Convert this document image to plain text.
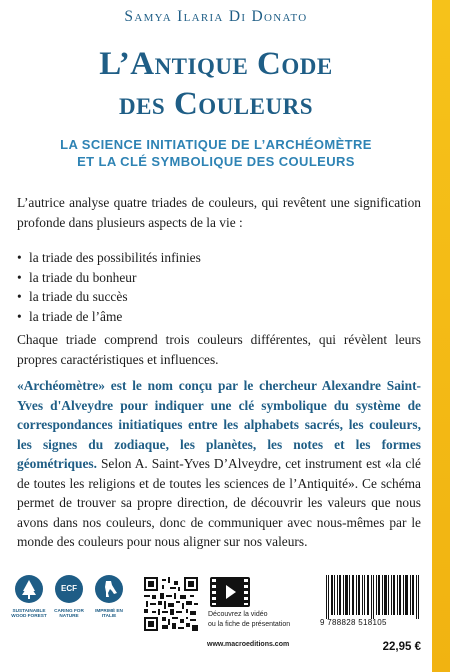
Samya Ilaria Di Donato
L’Antique Code
des Couleurs
LA SCIENCE INITIATIQUE DE L’ARCHÉOMÈTRE
ET LA CLÉ SYMBOLIQUE DES COULEURS
L’autrice analyse quatre triades de couleurs, qui revêtent une signification profonde dans plusieurs aspects de la vie :
• la triade des possibilités infinies
• la triade du bonheur
• la triade du succès
• la triade de l’âme
Chaque triade comprend trois couleurs différentes, qui révèlent leurs propres caractéristiques et influences.
«Archéomètre» est le nom conçu par le chercheur Alexandre Saint-Yves d'Alveydre pour indiquer une clé symbolique du système de correspondances initiatiques entre les alphabets sacrés, les couleurs, les signes du zodiaque, les planètes, les notes et les formes géométriques. Selon A. Saint-Yves D’Alveydre, cet instrument est «la clé de toutes les religions et de toutes les sciences de l’Antiquité». Ce schéma permet de trouver sa propre direction, de découvrir les valeurs que nous avons dans nos couleurs, donc de communiquer avec nous-mêmes par le monde des couleurs pour nous aligner sur nos valeurs.
SUSTAINABLE WOOD FOREST
ECF
CARING FOR NATURE
IMPRIMÉ EN ITALIE	Découvrez la vidéo
ou la fiche de présentation
www.macroeditions.com
9 788828 518105
22,95 €
